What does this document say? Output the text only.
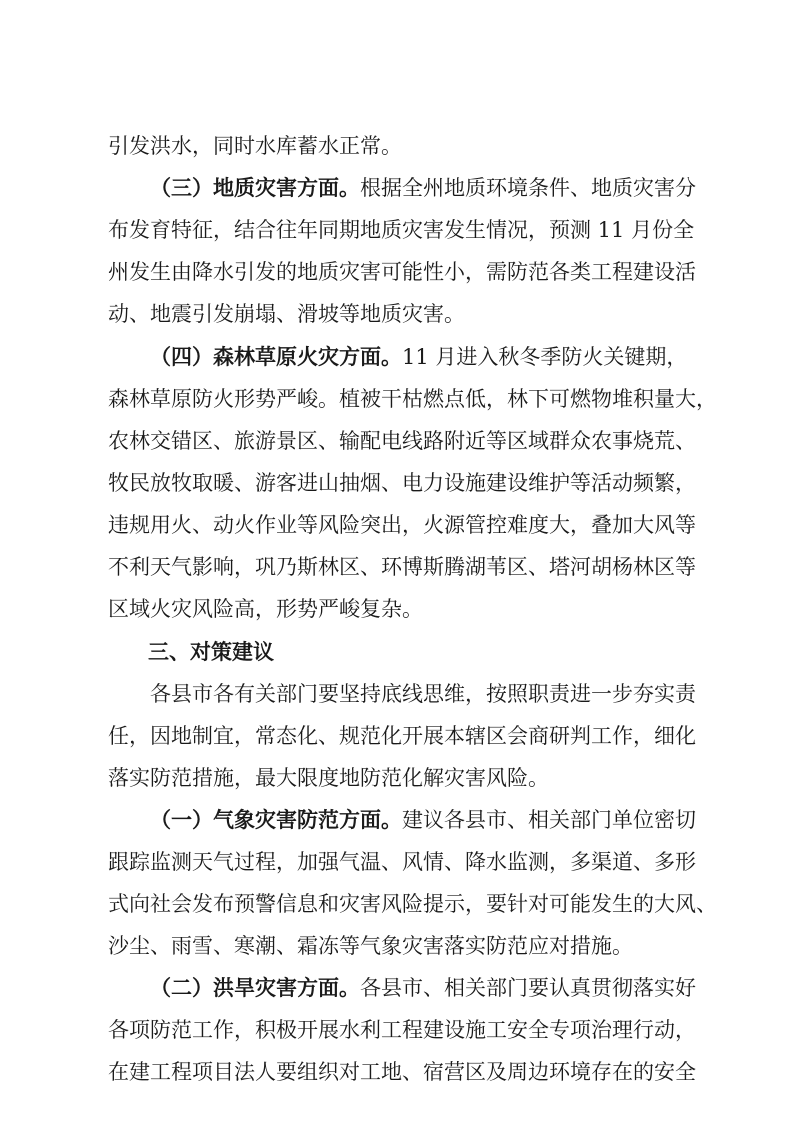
引发洪水，同时水库蓄水正常。
（三）地质灾害方面。根据全州地质环境条件、地质灾害分
布发育特征，结合往年同期地质灾害发生情况，预测 11 月份全
州发生由降水引发的地质灾害可能性小，需防范各类工程建设活
动、地震引发崩塌、滑坡等地质灾害。
（四）森林草原火灾方面。11 月进入秋冬季防火关键期，
森林草原防火形势严峻。植被干枯燃点低，林下可燃物堆积量大，
农林交错区、旅游景区、输配电线路附近等区域群众农事烧荒、
牧民放牧取暖、游客进山抽烟、电力设施建设维护等活动频繁，
违规用火、动火作业等风险突出，火源管控难度大，叠加大风等
不利天气影响，巩乃斯林区、环博斯腾湖苇区、塔河胡杨林区等
区域火灾风险高，形势严峻复杂。
三、对策建议
各县市各有关部门要坚持底线思维，按照职责进一步夯实责
任，因地制宜，常态化、规范化开展本辖区会商研判工作，细化
落实防范措施，最大限度地防范化解灾害风险。
（一）气象灾害防范方面。建议各县市、相关部门单位密切
跟踪监测天气过程，加强气温、风情、降水监测，多渠道、多形
式向社会发布预警信息和灾害风险提示，要针对可能发生的大风、
沙尘、雨雪、寒潮、霜冻等气象灾害落实防范应对措施。
（二）洪旱灾害方面。各县市、相关部门要认真贯彻落实好
各项防范工作，积极开展水利工程建设施工安全专项治理行动，
在建工程项目法人要组织对工地、宿营区及周边环境存在的安全
